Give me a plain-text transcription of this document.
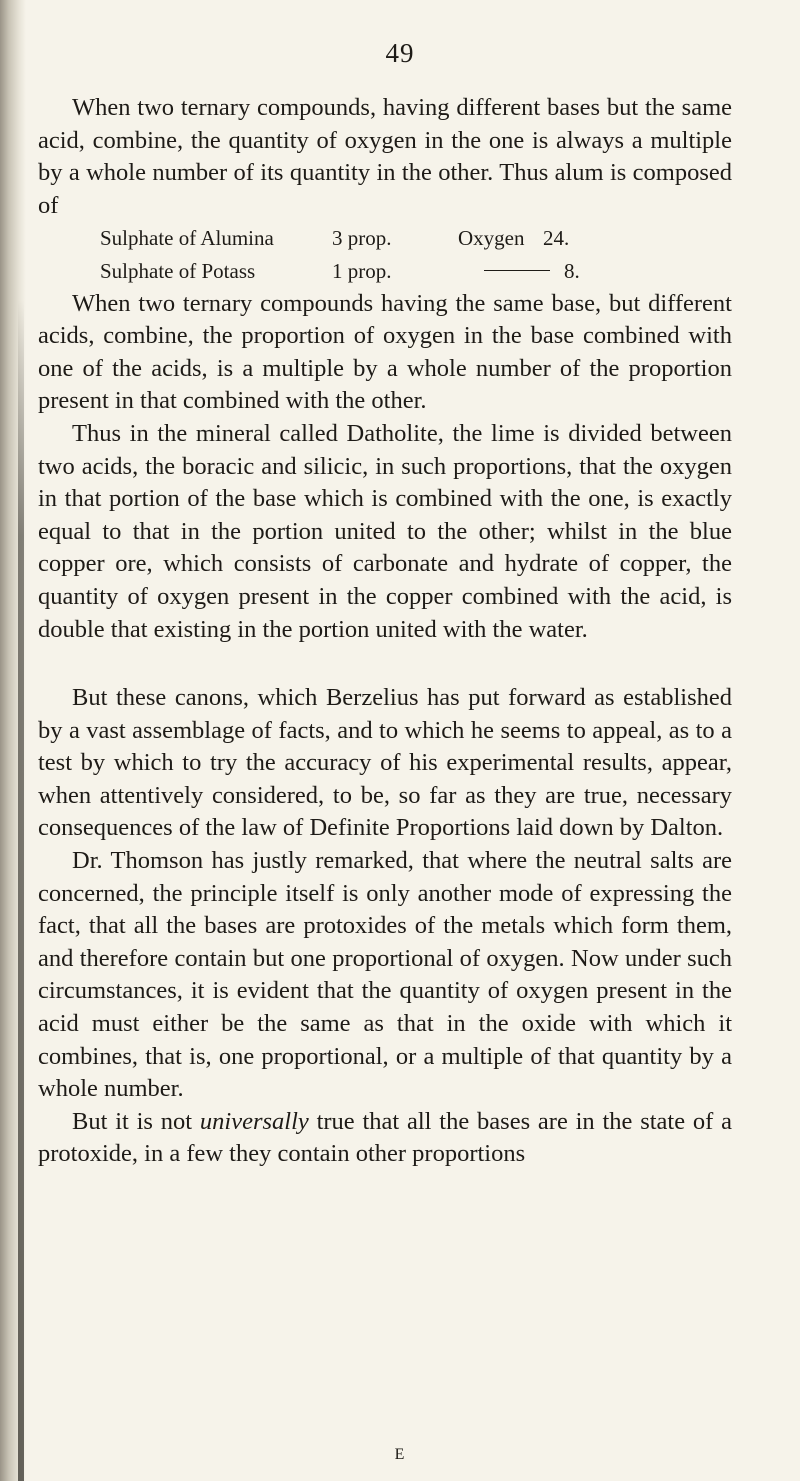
49

When two ternary compounds, having different bases but the same acid, combine, the quantity of oxygen in the one is always a multiple by a whole number of its quantity in the other. Thus alum is composed of

Sulphate of Alumina	3 prop.	Oxygen 24.
Sulphate of Potass	1 prop.	8.

When two ternary compounds having the same base, but different acids, combine, the proportion of oxygen in the base combined with one of the acids, is a multiple by a whole number of the proportion present in that combined with the other.

Thus in the mineral called Datholite, the lime is divided between two acids, the boracic and silicic, in such proportions, that the oxygen in that portion of the base which is combined with the one, is exactly equal to that in the portion united to the other; whilst in the blue copper ore, which consists of carbonate and hydrate of copper, the quantity of oxygen present in the copper combined with the acid, is double that existing in the portion united with the water.

But these canons, which Berzelius has put forward as established by a vast assemblage of facts, and to which he seems to appeal, as to a test by which to try the accuracy of his experimental results, appear, when attentively considered, to be, so far as they are true, necessary consequences of the law of Definite Proportions laid down by Dalton.

Dr. Thomson has justly remarked, that where the neutral salts are concerned, the principle itself is only another mode of expressing the fact, that all the bases are protoxides of the metals which form them, and therefore contain but one proportional of oxygen. Now under such circumstances, it is evident that the quantity of oxygen present in the acid must either be the same as that in the oxide with which it combines, that is, one proportional, or a multiple of that quantity by a whole number.

But it is not universally true that all the bases are in the state of a protoxide, in a few they contain other proportions

E
